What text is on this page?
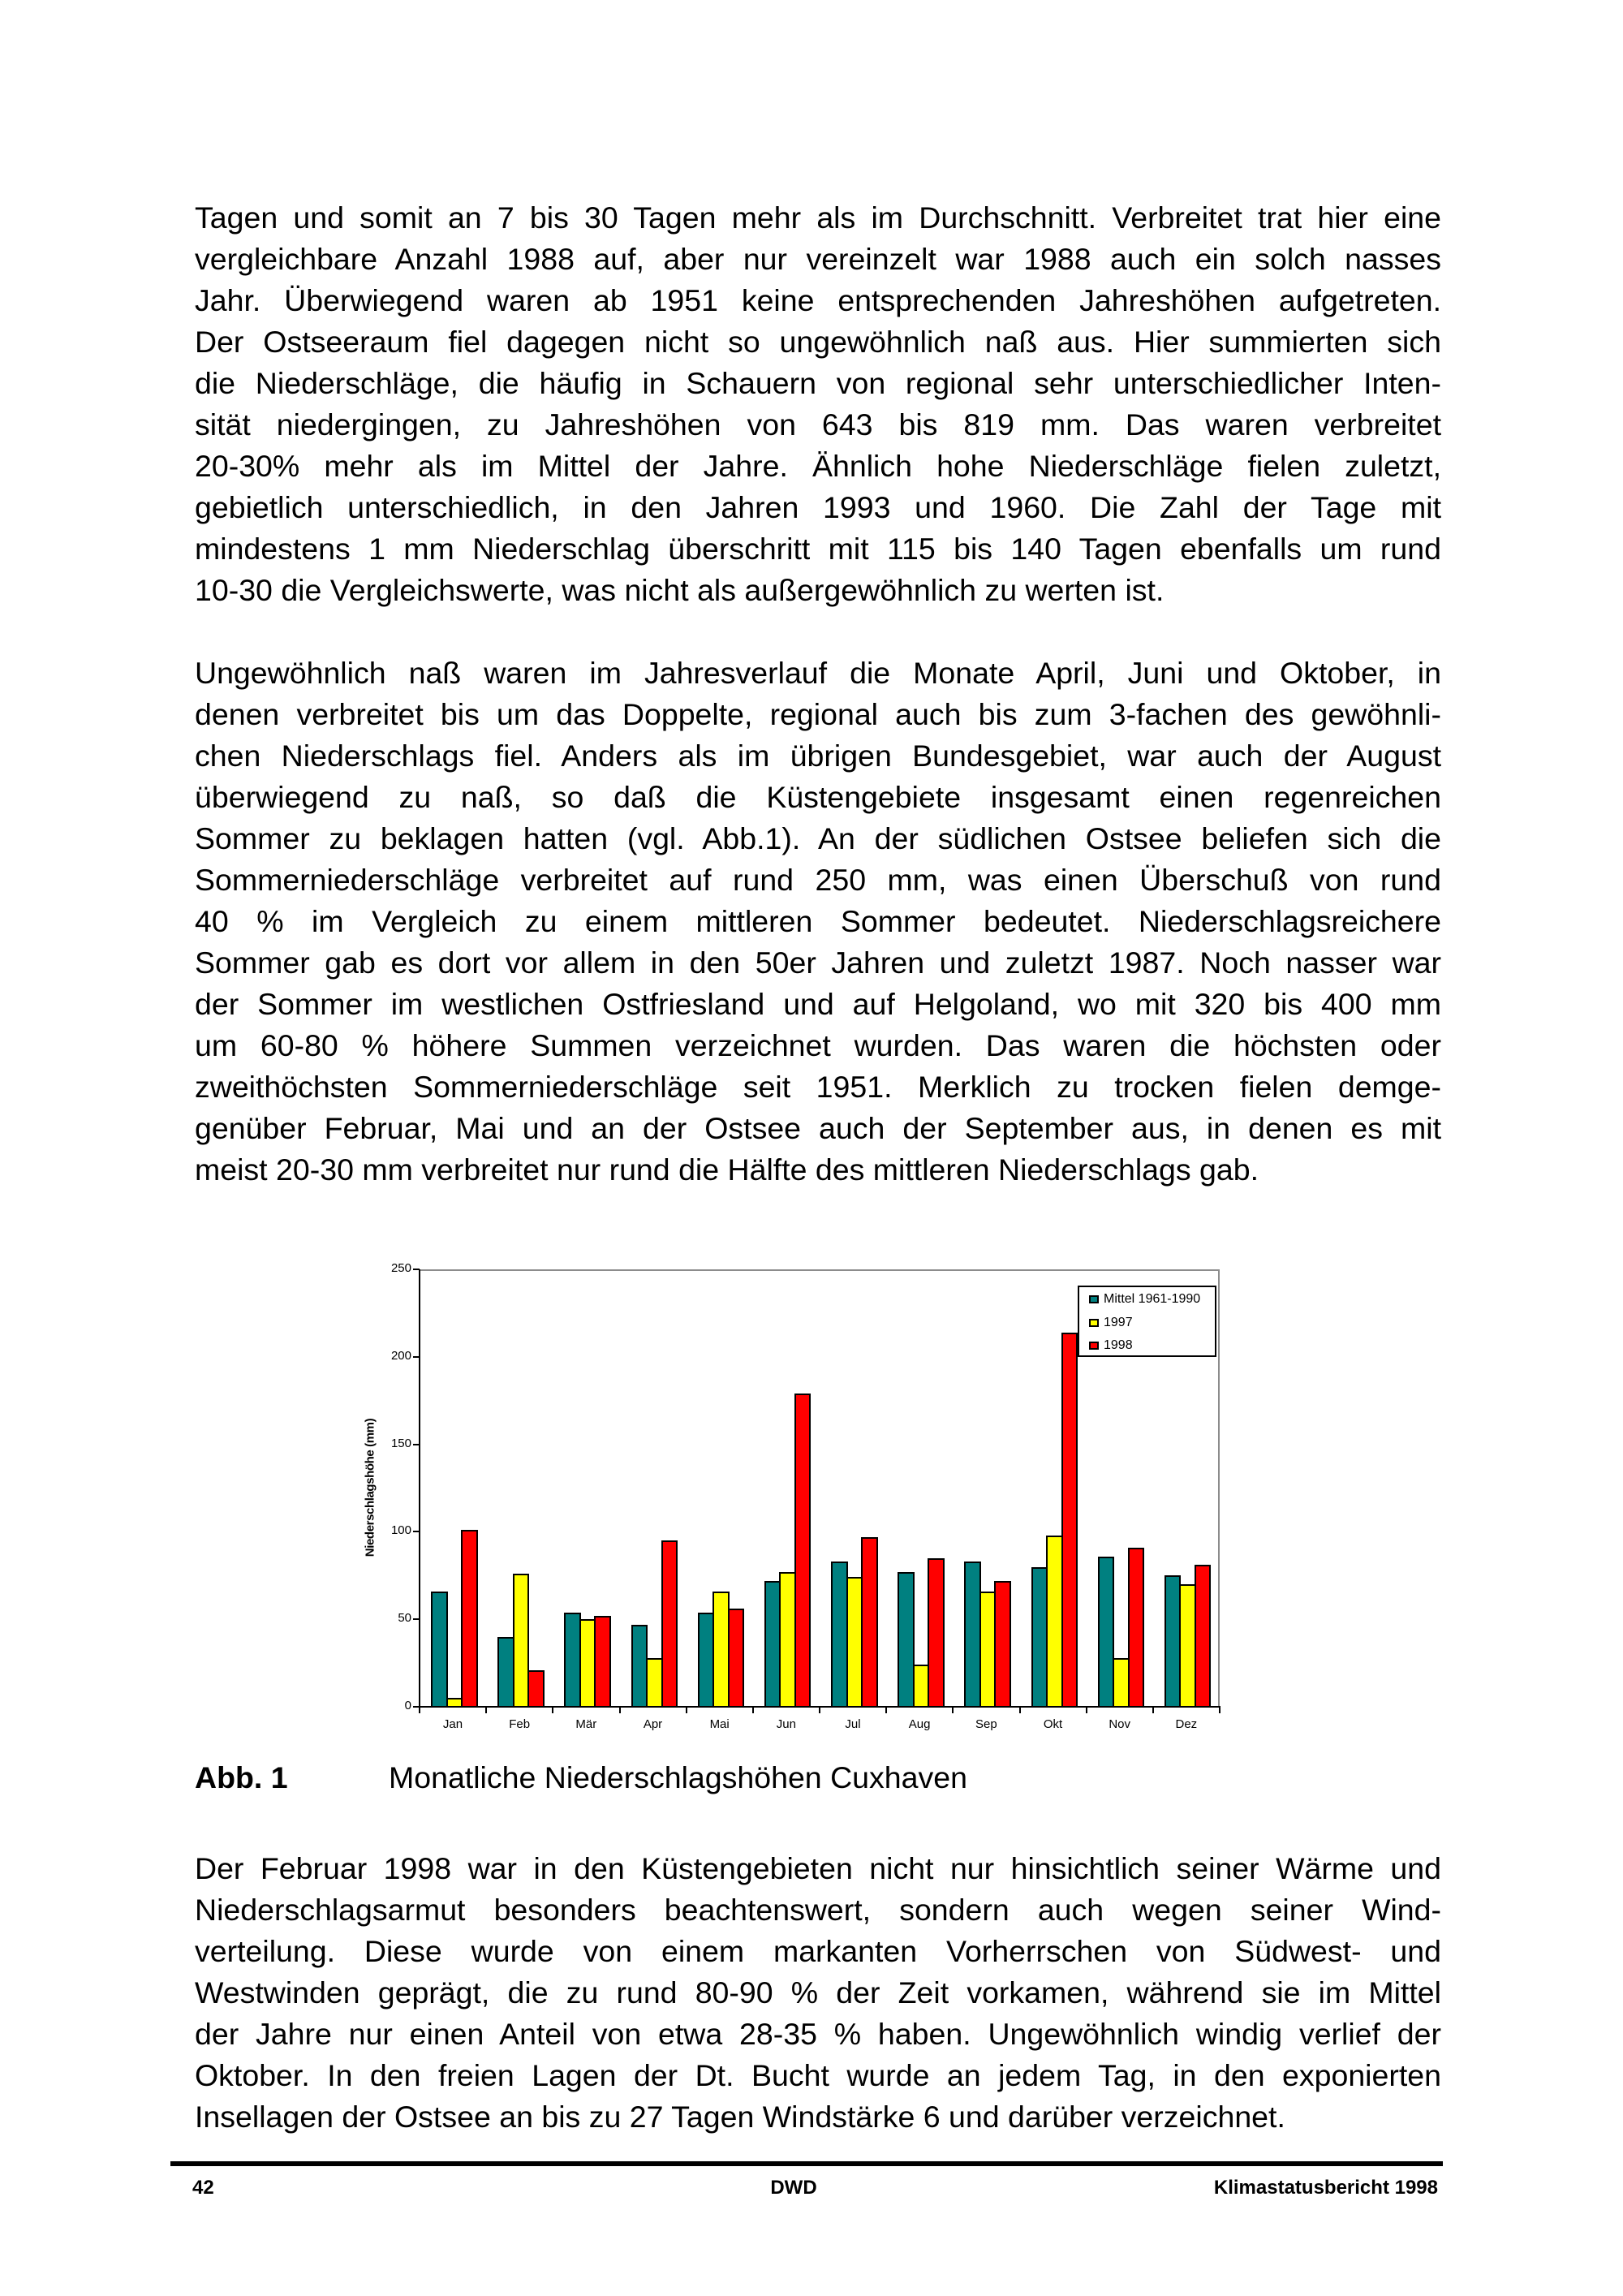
Tagen und somit an 7 bis 30 Tagen mehr als im Durchschnitt. Verbreitet trat hier eine
vergleichbare Anzahl 1988 auf, aber nur vereinzelt war 1988 auch ein solch nasses
Jahr. Überwiegend waren ab 1951 keine entsprechenden Jahreshöhen aufgetreten.
Der Ostseeraum fiel dagegen nicht so ungewöhnlich naß aus. Hier summierten sich
die Niederschläge, die häufig in Schauern von regional sehr unterschiedlicher Inten-
sität niedergingen, zu Jahreshöhen von 643 bis 819 mm. Das waren verbreitet
20-30% mehr als im Mittel der Jahre. Ähnlich hohe Niederschläge fielen zuletzt,
gebietlich unterschiedlich, in den Jahren 1993 und 1960. Die Zahl der Tage mit
mindestens 1 mm Niederschlag überschritt mit 115 bis 140 Tagen ebenfalls um rund
10-30 die Vergleichswerte, was nicht als außergewöhnlich zu werten ist.
Ungewöhnlich naß waren im Jahresverlauf die Monate April, Juni und Oktober, in
denen verbreitet bis um das Doppelte, regional auch bis zum 3-fachen des gewöhnli-
chen Niederschlags fiel. Anders als im übrigen Bundesgebiet, war auch der August
überwiegend zu naß, so daß die Küstengebiete insgesamt einen regenreichen
Sommer zu beklagen hatten (vgl. Abb.1). An der südlichen Ostsee beliefen sich die
Sommerniederschläge verbreitet auf rund 250 mm, was einen Überschuß von rund
40 % im Vergleich zu einem mittleren Sommer bedeutet. Niederschlagsreichere
Sommer gab es dort vor allem in den 50er Jahren und zuletzt 1987. Noch nasser war
der Sommer im westlichen Ostfriesland und auf Helgoland, wo mit 320 bis 400 mm
um 60-80 % höhere Summen verzeichnet wurden. Das waren die höchsten oder
zweithöchsten Sommerniederschläge seit 1951. Merklich zu trocken fielen demge-
genüber Februar, Mai und an der Ostsee auch der September aus, in denen es mit
meist 20-30 mm verbreitet nur rund die Hälfte des mittleren Niederschlags gab.
0
50
100
150
200
250
Jan	Feb	Mär	Apr	Mai	Jun	Jul	Aug	Sep	Okt	Nov	Dez
Niederschlagshöhe (mm)
Mittel 1961-1990
1997
1998
Abb. 1	Monatliche Niederschlagshöhen Cuxhaven
Der Februar 1998 war in den Küstengebieten nicht nur hinsichtlich seiner Wärme und
Niederschlagsarmut besonders beachtenswert, sondern auch wegen seiner Wind-
verteilung. Diese wurde von einem markanten Vorherrschen von Südwest- und
Westwinden geprägt, die zu rund 80-90 % der Zeit vorkamen, während sie im Mittel
der Jahre nur einen Anteil von etwa 28-35 % haben. Ungewöhnlich windig verlief der
Oktober. In den freien Lagen der Dt. Bucht wurde an jedem Tag, in den exponierten
Insellagen der Ostsee an bis zu 27 Tagen Windstärke 6 und darüber verzeichnet.
42	DWD	Klimastatusbericht 1998
